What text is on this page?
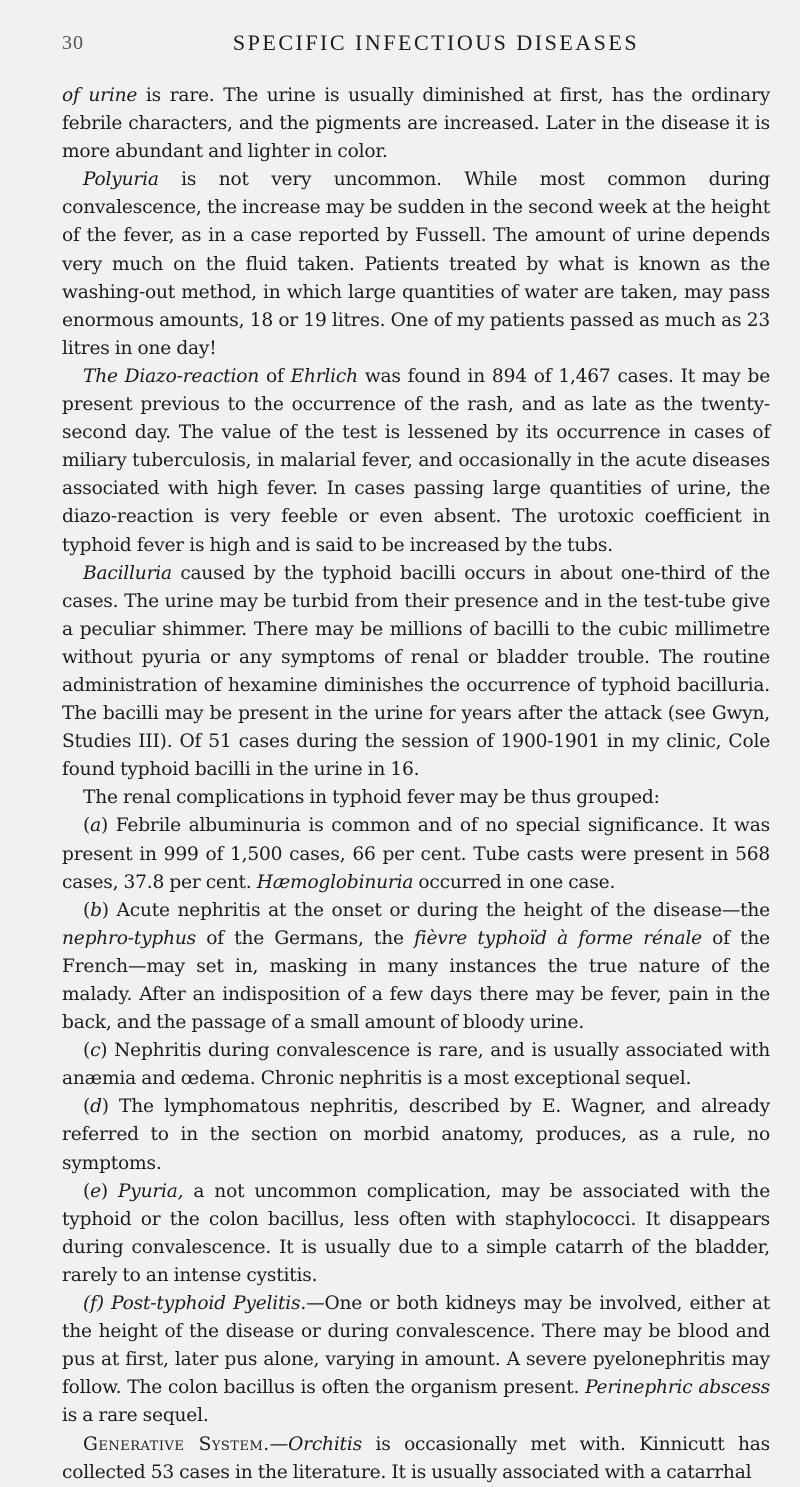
30	SPECIFIC INFECTIOUS DISEASES

of urine is rare. The urine is usually diminished at first, has the ordinary febrile characters, and the pigments are increased. Later in the disease it is more abundant and lighter in color.

Polyuria is not very uncommon. While most common during convalescence, the increase may be sudden in the second week at the height of the fever, as in a case reported by Fussell. The amount of urine depends very much on the fluid taken. Patients treated by what is known as the washing-out method, in which large quantities of water are taken, may pass enormous amounts, 18 or 19 litres. One of my patients passed as much as 23 litres in one day!

The Diazo-reaction of Ehrlich was found in 894 of 1,467 cases. It may be present previous to the occurrence of the rash, and as late as the twenty-second day. The value of the test is lessened by its occurrence in cases of miliary tuberculosis, in malarial fever, and occasionally in the acute diseases associated with high fever. In cases passing large quantities of urine, the diazo-reaction is very feeble or even absent. The urotoxic coefficient in typhoid fever is high and is said to be increased by the tubs.

Bacilluria caused by the typhoid bacilli occurs in about one-third of the cases. The urine may be turbid from their presence and in the test-tube give a peculiar shimmer. There may be millions of bacilli to the cubic millimetre without pyuria or any symptoms of renal or bladder trouble. The routine administration of hexamine diminishes the occurrence of typhoid bacilluria. The bacilli may be present in the urine for years after the attack (see Gwyn, Studies III). Of 51 cases during the session of 1900-1901 in my clinic, Cole found typhoid bacilli in the urine in 16.

The renal complications in typhoid fever may be thus grouped:

(a) Febrile albuminuria is common and of no special significance. It was present in 999 of 1,500 cases, 66 per cent. Tube casts were present in 568 cases, 37.8 per cent. Hæmoglobinuria occurred in one case.

(b) Acute nephritis at the onset or during the height of the disease—the nephro-typhus of the Germans, the fièvre typhoïd à forme rénale of the French—may set in, masking in many instances the true nature of the malady. After an indisposition of a few days there may be fever, pain in the back, and the passage of a small amount of bloody urine.

(c) Nephritis during convalescence is rare, and is usually associated with anæmia and œdema. Chronic nephritis is a most exceptional sequel.

(d) The lymphomatous nephritis, described by E. Wagner, and already referred to in the section on morbid anatomy, produces, as a rule, no symptoms.

(e) Pyuria, a not uncommon complication, may be associated with the typhoid or the colon bacillus, less often with staphylococci. It disappears during convalescence. It is usually due to a simple catarrh of the bladder, rarely to an intense cystitis.

(f) Post-typhoid Pyelitis.—One or both kidneys may be involved, either at the height of the disease or during convalescence. There may be blood and pus at first, later pus alone, varying in amount. A severe pyelonephritis may follow. The colon bacillus is often the organism present. Perinephric abscess is a rare sequel.

Generative System.—Orchitis is occasionally met with. Kinnicutt has collected 53 cases in the literature. It is usually associated with a catarrhal
